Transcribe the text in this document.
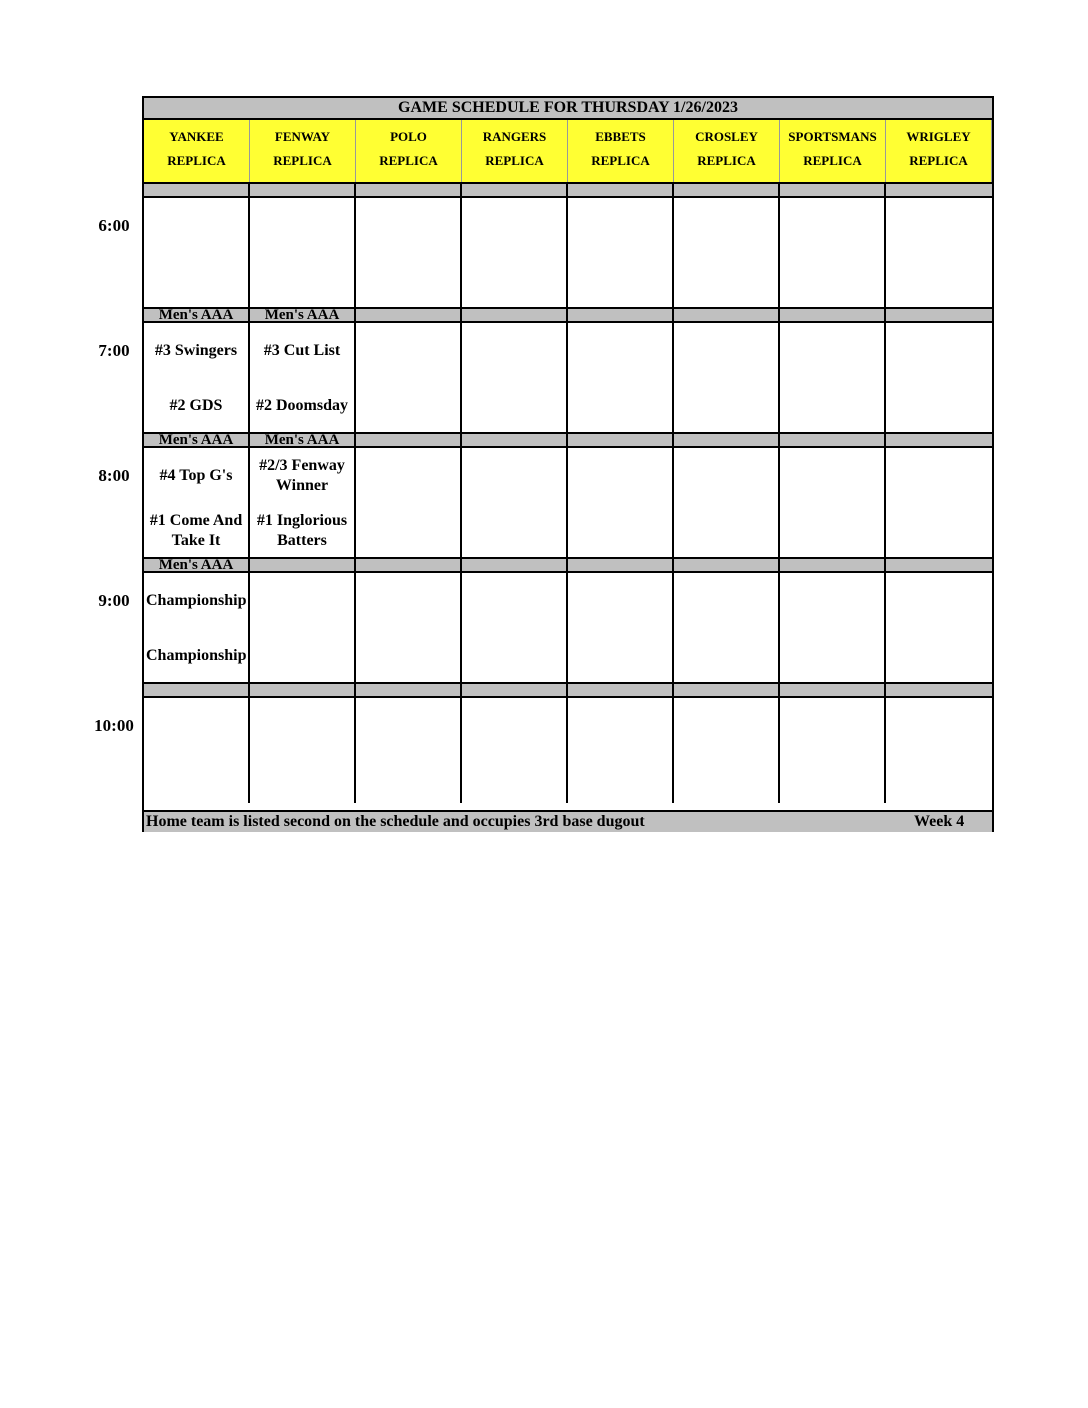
6:00
7:00
8:00
9:00
10:00
GAME SCHEDULE FOR THURSDAY 1/26/2023
YANKEE
REPLICA
FENWAY
REPLICA
POLO
REPLICA
RANGERS
REPLICA
EBBETS
REPLICA
CROSLEY
REPLICA
SPORTSMANS
REPLICA
WRIGLEY
REPLICA
Men's AAA
#3 Swingers
#2 GDS
Men's AAA
#3 Cut List
#2 Doomsday
Men's AAA
#4 Top G's
#1 Come And Take It
Men's AAA
#2/3 Fenway Winner
#1 Inglorious Batters
Men's AAA
Championship
Championship
Home team is listed second on the schedule and occupies 3rd base dugout	Week 4
